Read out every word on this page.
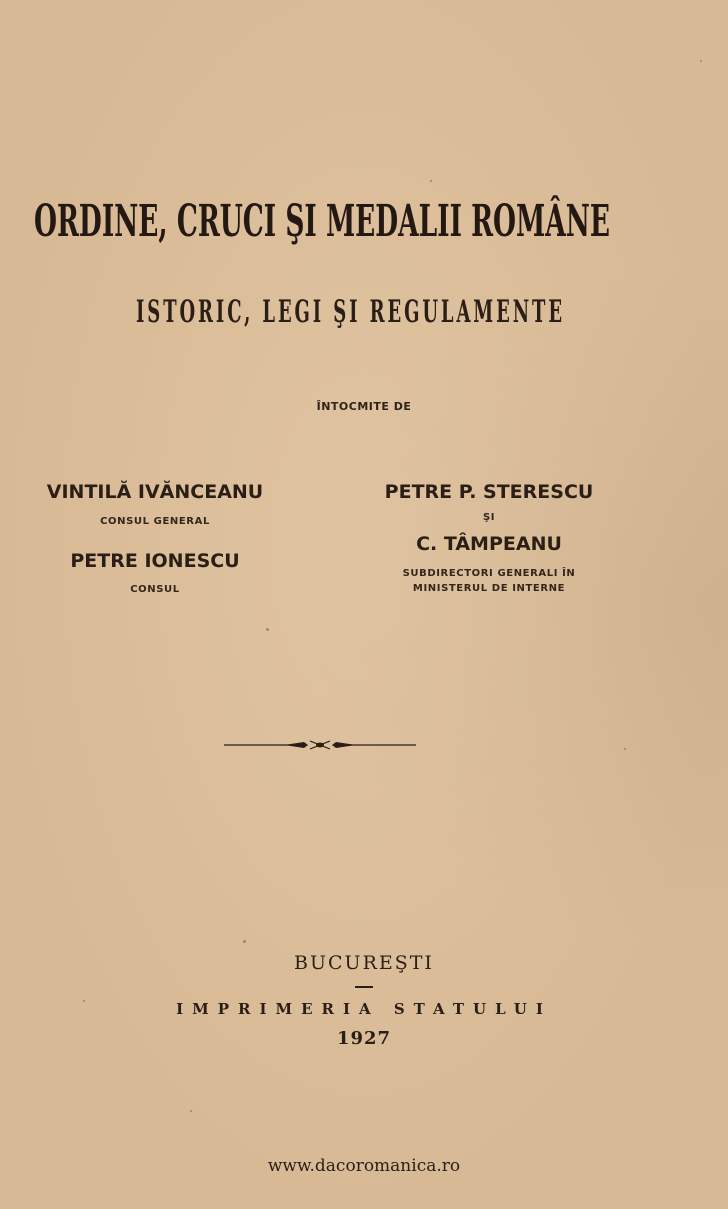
ORDINE, CRUCI ŞI MEDALII ROMÂNE
ISTORIC, LEGI ŞI REGULAMENTE
ÎNTOCMITE DE
VINTILĂ IVĂNCEANU
CONSUL GENERAL
PETRE IONESCU
CONSUL
PETRE P. STERESCU
ŞI
C. TÂMPEANU
SUBDIRECTORI GENERALI ÎN
MINISTERUL DE INTERNE
BUCUREŞTI
IMPRIMERIA STATULUI
1927
www.dacoromanica.ro
